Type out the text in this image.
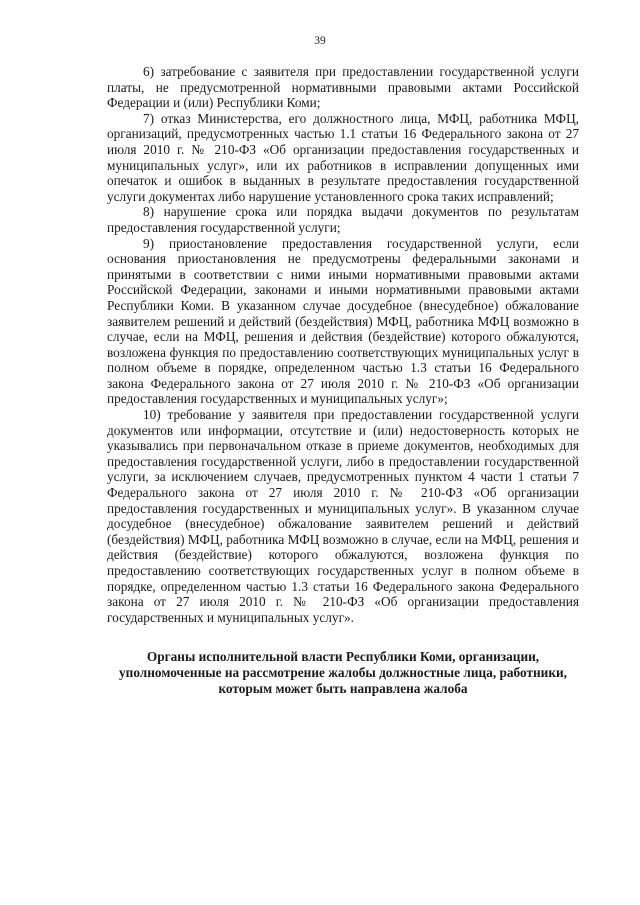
39

6) затребование с заявителя при предоставлении государственной услуги платы, не предусмотренной нормативными правовыми актами Российской Федерации и (или) Республики Коми;

7) отказ Министерства, его должностного лица, МФЦ, работника МФЦ, организаций, предусмотренных частью 1.1 статьи 16 Федерального закона от 27 июля 2010 г. № 210-ФЗ «Об организации предоставления государственных и муниципальных услуг», или их работников в исправлении допущенных ими опечаток и ошибок в выданных в результате предоставления государственной услуги документах либо нарушение установленного срока таких исправлений;

8) нарушение срока или порядка выдачи документов по результатам предоставления государственной услуги;

9) приостановление предоставления государственной услуги, если основания приостановления не предусмотрены федеральными законами и принятыми в соответствии с ними иными нормативными правовыми актами Российской Федерации, законами и иными нормативными правовыми актами Республики Коми. В указанном случае досудебное (внесудебное) обжалование заявителем решений и действий (бездействия) МФЦ, работника МФЦ возможно в случае, если на МФЦ, решения и действия (бездействие) которого обжалуются, возложена функция по предоставлению соответствующих муниципальных услуг в полном объеме в порядке, определенном частью 1.3 статьи 16 Федерального закона Федерального закона от 27 июля 2010 г. № 210-ФЗ «Об организации предоставления государственных и муниципальных услуг»;

10) требование у заявителя при предоставлении государственной услуги документов или информации, отсутствие и (или) недостоверность которых не указывались при первоначальном отказе в приеме документов, необходимых для предоставления государственной услуги, либо в предоставлении государственной услуги, за исключением случаев, предусмотренных пунктом 4 части 1 статьи 7 Федерального закона от 27 июля 2010 г. № 210-ФЗ «Об организации предоставления государственных и муниципальных услуг». В указанном случае досудебное (внесудебное) обжалование заявителем решений и действий (бездействия) МФЦ, работника МФЦ возможно в случае, если на МФЦ, решения и действия (бездействие) которого обжалуются, возложена функция по предоставлению соответствующих государственных услуг в полном объеме в порядке, определенном частью 1.3 статьи 16 Федерального закона Федерального закона от 27 июля 2010 г. № 210-ФЗ «Об организации предоставления государственных и муниципальных услуг».

Органы исполнительной власти Республики Коми, организации, уполномоченные на рассмотрение жалобы должностные лица, работники, которым может быть направлена жалоба
